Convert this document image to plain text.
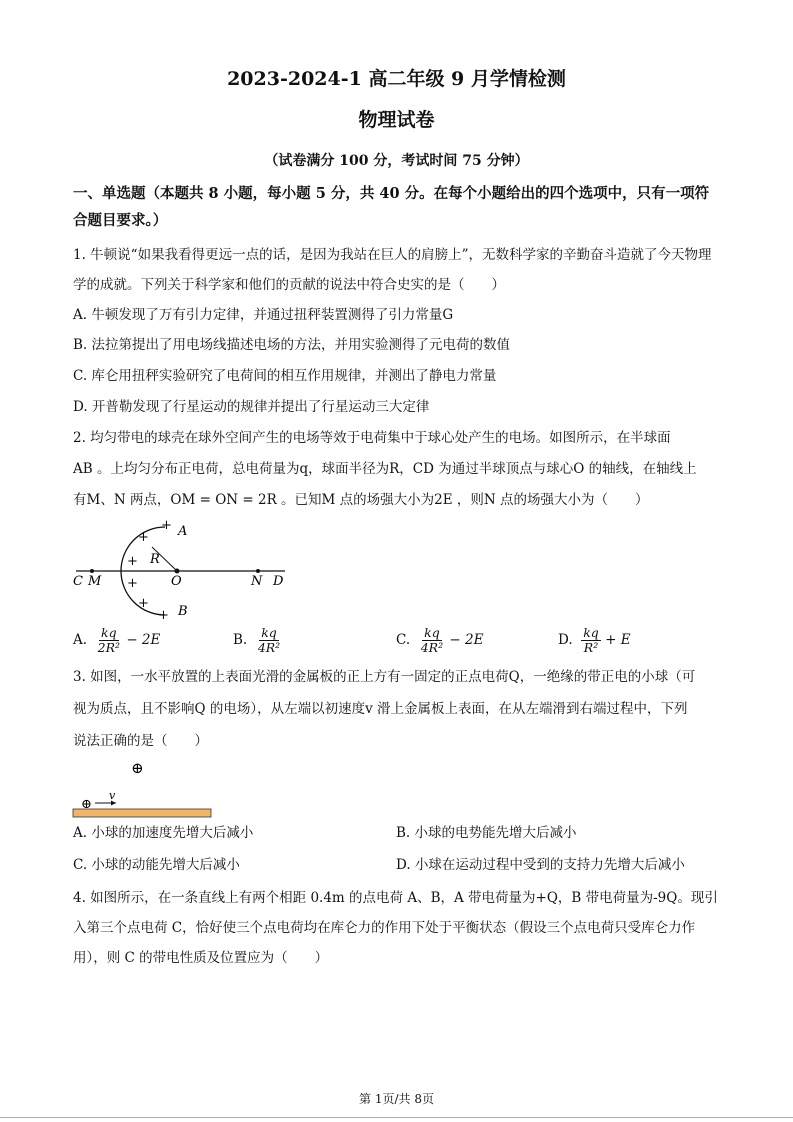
2023-2024-1 高二年级 9 月学情检测
物理试卷
（试卷满分 100 分，考试时间 75 分钟）
一、单选题（本题共 8 小题，每小题 5 分，共 40 分。在每个小题给出的四个选项中，只有一项符合题目要求。）
1. 牛顿说“如果我看得更远一点的话，是因为我站在巨人的肩膀上”，无数科学家的辛勤奋斗造就了今天物理学的成就。下列关于科学家和他们的贡献的说法中符合史实的是（　　）
A. 牛顿发现了万有引力定律，并通过扭秤装置测得了引力常量G
B. 法拉第提出了用电场线描述电场的方法，并用实验测得了元电荷的数值
C. 库仑用扭秤实验研究了电荷间的相互作用规律，并测出了静电力常量
D. 开普勒发现了行星运动的规律并提出了行星运动三大定律
2. 均匀带电的球壳在球外空间产生的电场等效于电荷集中于球心处产生的电场。如图所示，在半球面
AB 。上均匀分布正电荷，总电荷量为q，球面半径为R，CD 为通过半球顶点与球心O 的轴线，在轴线上
有M、N 两点，OM = ON = 2R 。已知M 点的场强大小为2E ，则N 点的场强大小为（　　）
A
B
R
O
C M	N D
+
+
+
+
+
+
A. $\frac{kq}{\text{2R²}} - 2E$	B. $\frac{kq}{\text{4R²}}$	C. $\frac{kq}{\text{4R²}} - 2E$	D. $\frac{kq}{\text{R²}} + E$
3. 如图，一水平放置的上表面光滑的金属板的正上方有一固定的正点电荷Q，一绝缘的带正电的小球（可
视为质点，且不影响Q 的电场），从左端以初速度v 滑上金属板上表面，在从左端滑到右端过程中，下列
说法正确的是（　　）
⊕
⊕
v
A. 小球的加速度先增大后减小	B. 小球的电势能先增大后减小
C. 小球的动能先增大后减小	D. 小球在运动过程中受到的支持力先增大后减小
4. 如图所示，在一条直线上有两个相距 0.4m 的点电荷 A、B，A 带电荷量为+Q，B 带电荷量为-9Q。现引入第三个点电荷 C，恰好使三个点电荷均在库仑力的作用下处于平衡状态（假设三个点电荷只受库仑力作用），则 C 的带电性质及位置应为（　　）
第 1页/共 8页
